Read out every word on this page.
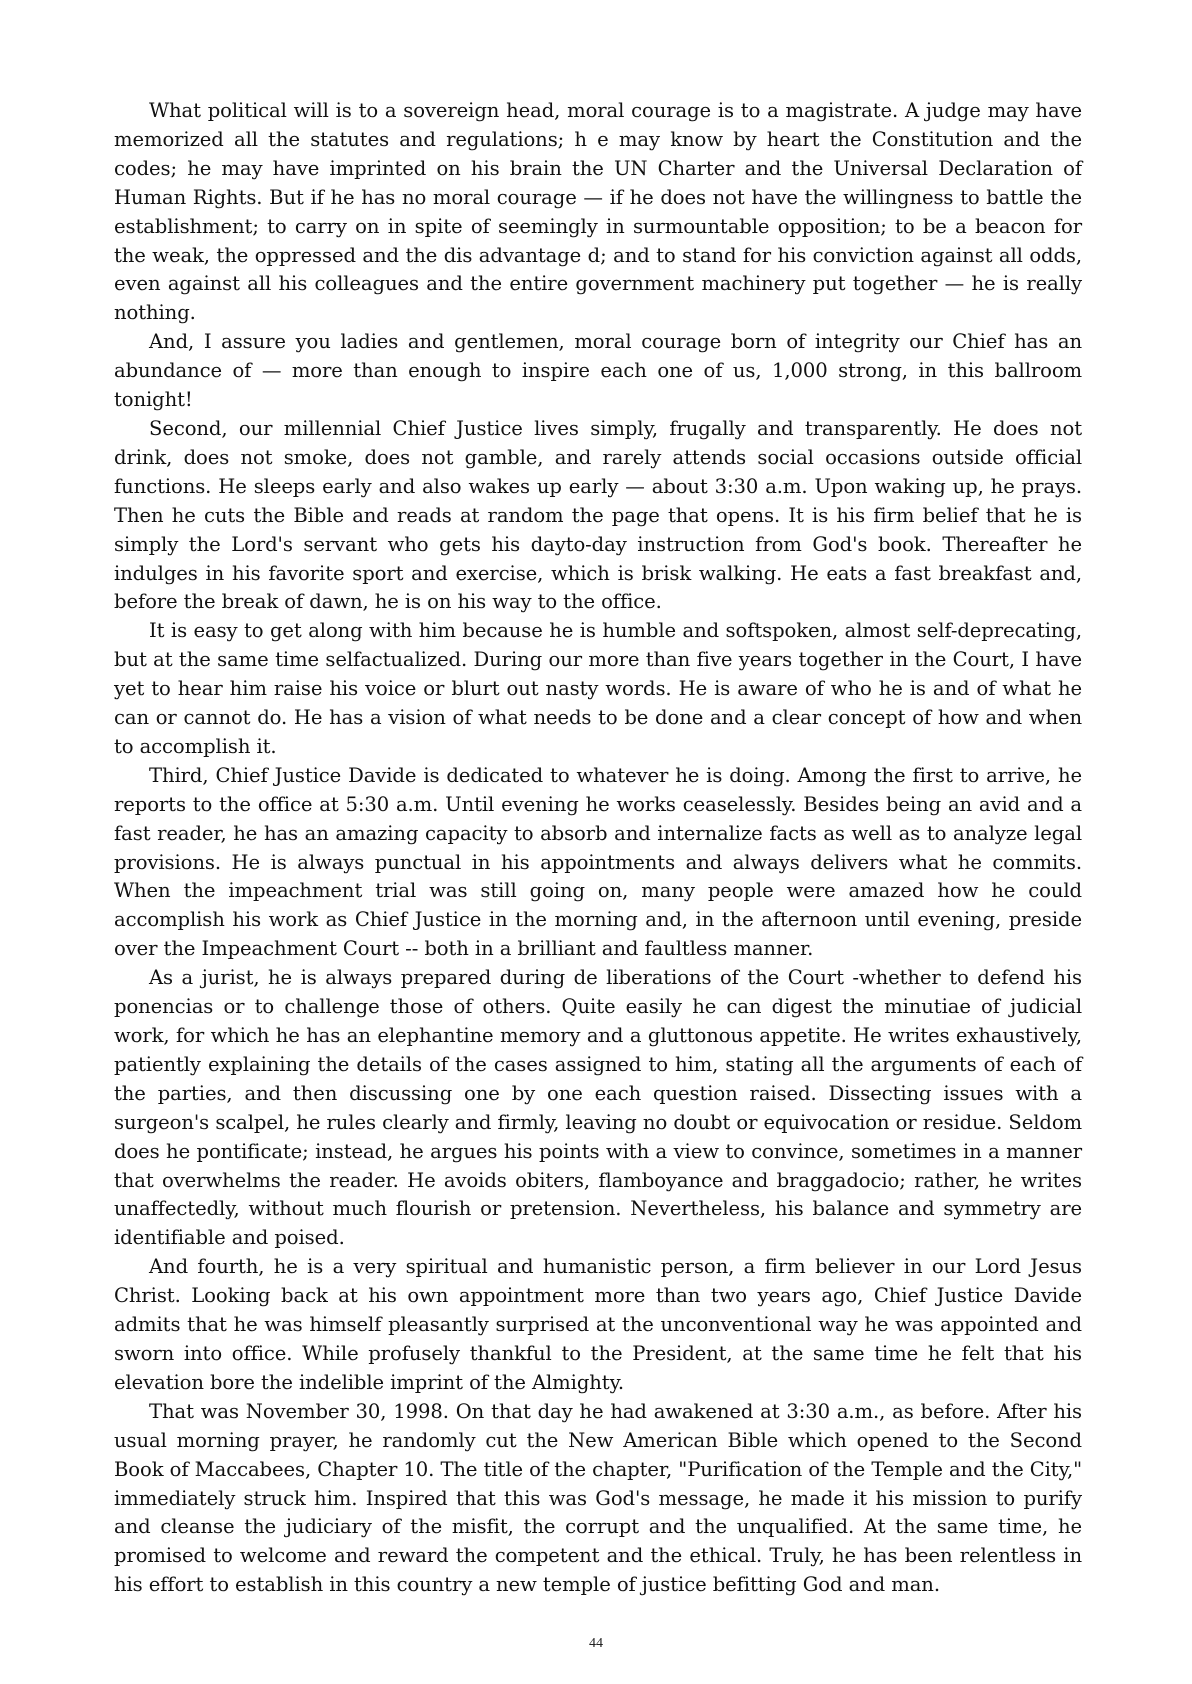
What political will is to a sovereign head, moral courage is to a magistrate. A judge may have memorized all the statutes and regulations; h e may know by heart the Constitution and the codes; he may have imprinted on his brain the UN Charter and the Universal Declaration of Human Rights. But if he has no moral courage — if he does not have the willingness to battle the establishment; to carry on in spite of seemingly in surmountable opposition; to be a beacon for the weak, the oppressed and the dis advantage d; and to stand for his conviction against all odds, even against all his colleagues and the entire government machinery put together — he is really nothing.

And, I assure you ladies and gentlemen, moral courage born of integrity our Chief has an abundance of — more than enough to inspire each one of us, 1,000 strong, in this ballroom tonight!

Second, our millennial Chief Justice lives simply, frugally and transparently. He does not drink, does not smoke, does not gamble, and rarely attends social occasions outside official functions. He sleeps early and also wakes up early — about 3:30 a.m. Upon waking up, he prays. Then he cuts the Bible and reads at random the page that opens. It is his firm belief that he is simply the Lord's servant who gets his dayto-day instruction from God's book. Thereafter he indulges in his favorite sport and exercise, which is brisk walking. He eats a fast breakfast and, before the break of dawn, he is on his way to the office.

It is easy to get along with him because he is humble and softspoken, almost self-deprecating, but at the same time selfactualized. During our more than five years together in the Court, I have yet to hear him raise his voice or blurt out nasty words. He is aware of who he is and of what he can or cannot do. He has a vision of what needs to be done and a clear concept of how and when to accomplish it.

Third, Chief Justice Davide is dedicated to whatever he is doing. Among the first to arrive, he reports to the office at 5:30 a.m. Until evening he works ceaselessly. Besides being an avid and a fast reader, he has an amazing capacity to absorb and internalize facts as well as to analyze legal provisions. He is always punctual in his appointments and always delivers what he commits. When the impeachment trial was still going on, many people were amazed how he could accomplish his work as Chief Justice in the morning and, in the afternoon until evening, preside over the Impeachment Court -- both in a brilliant and faultless manner.

As a jurist, he is always prepared during de liberations of the Court -whether to defend his ponencias or to challenge those of others. Quite easily he can digest the minutiae of judicial work, for which he has an elephantine memory and a gluttonous appetite. He writes exhaustively, patiently explaining the details of the cases assigned to him, stating all the arguments of each of the parties, and then discussing one by one each question raised. Dissecting issues with a surgeon's scalpel, he rules clearly and firmly, leaving no doubt or equivocation or residue. Seldom does he pontificate; instead, he argues his points with a view to convince, sometimes in a manner that overwhelms the reader. He avoids obiters, flamboyance and braggadocio; rather, he writes unaffectedly, without much flourish or pretension. Nevertheless, his balance and symmetry are identifiable and poised.

And fourth, he is a very spiritual and humanistic person, a firm believer in our Lord Jesus Christ. Looking back at his own appointment more than two years ago, Chief Justice Davide admits that he was himself pleasantly surprised at the unconventional way he was appointed and sworn into office. While profusely thankful to the President, at the same time he felt that his elevation bore the indelible imprint of the Almighty.

That was November 30, 1998. On that day he had awakened at 3:30 a.m., as before. After his usual morning prayer, he randomly cut the New American Bible which opened to the Second Book of Maccabees, Chapter 10. The title of the chapter, "Purification of the Temple and the City," immediately struck him. Inspired that this was God's message, he made it his mission to purify and cleanse the judiciary of the misfit, the corrupt and the unqualified. At the same time, he promised to welcome and reward the competent and the ethical. Truly, he has been relentless in his effort to establish in this country a new temple of justice befitting God and man.

44
